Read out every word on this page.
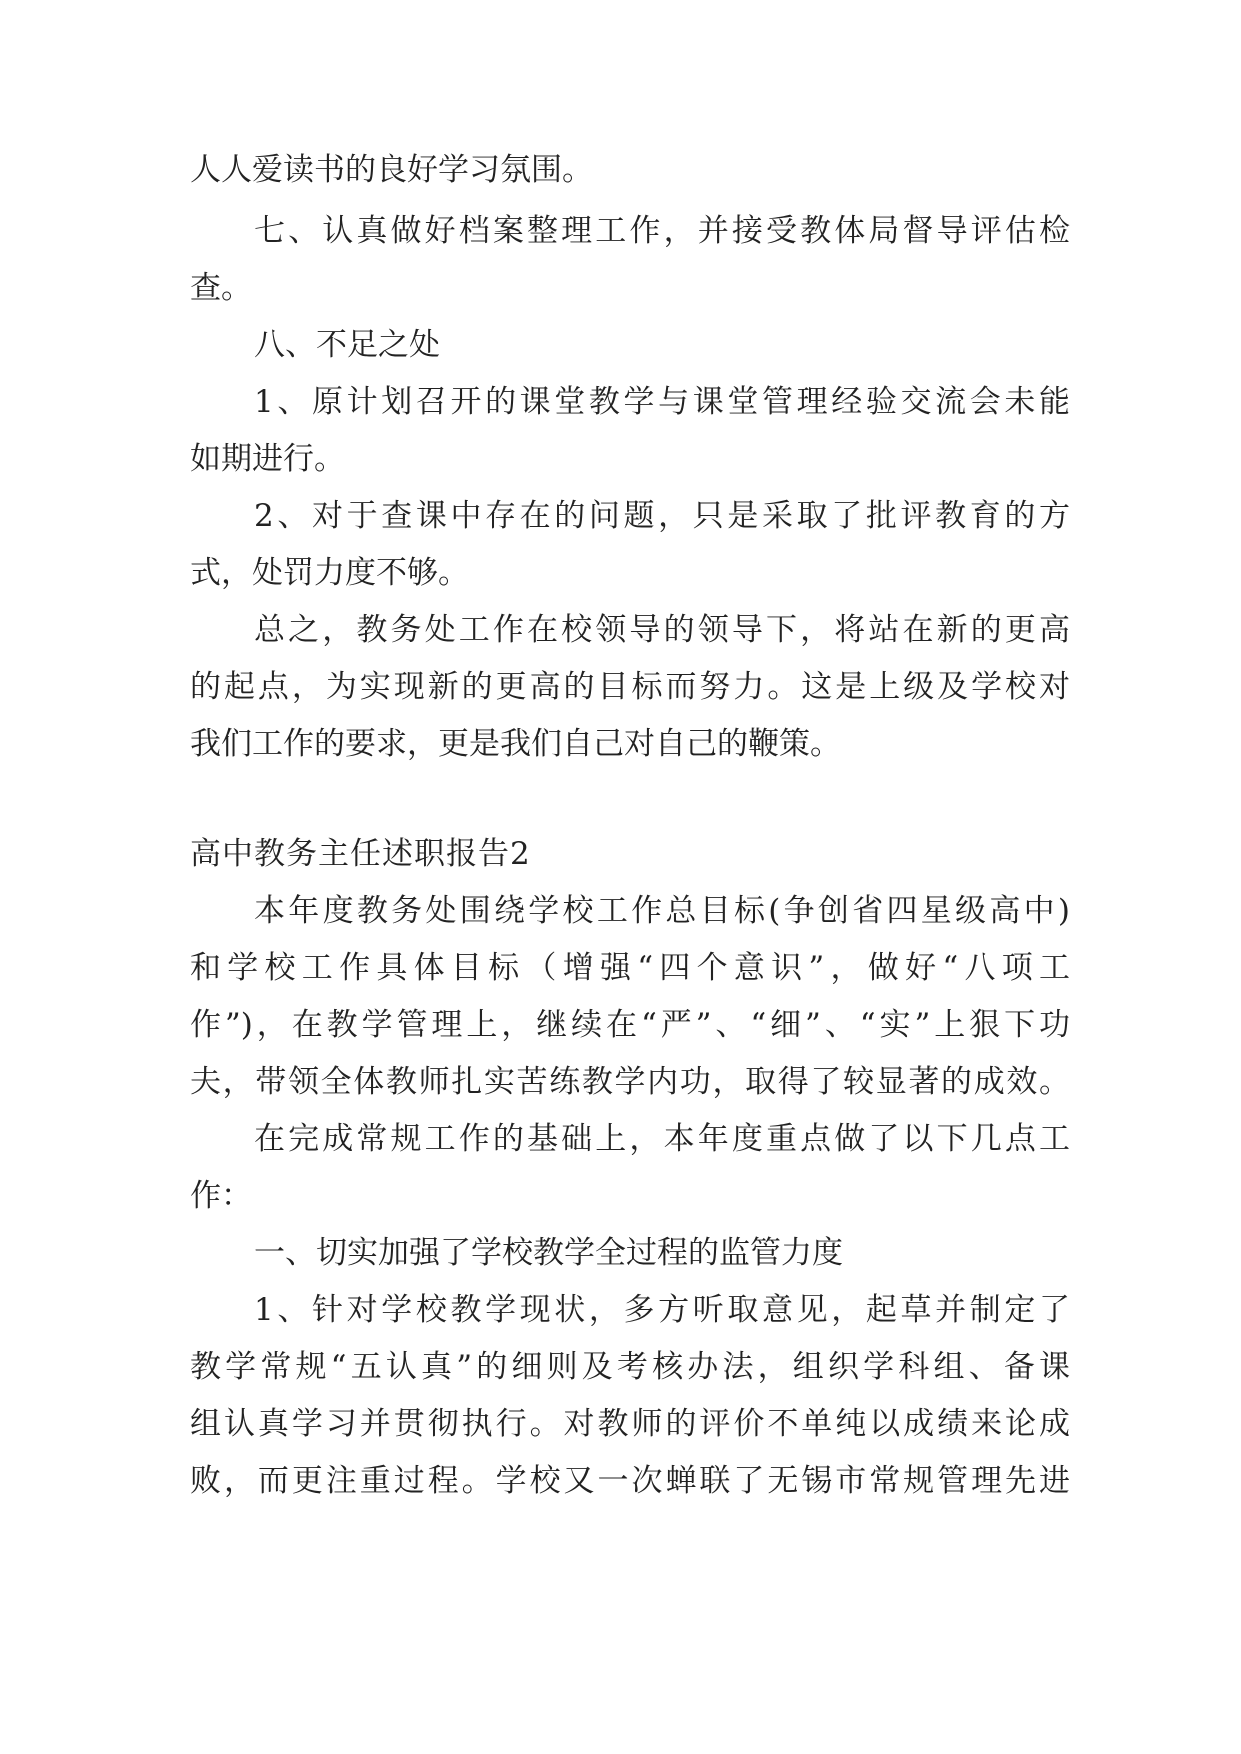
人人爱读书的良好学习氛围。
七、认真做好档案整理工作，并接受教体局督导评估检
查。
八、不足之处
1、原计划召开的课堂教学与课堂管理经验交流会未能
如期进行。
2、对于查课中存在的问题，只是采取了批评教育的方
式，处罚力度不够。
总之，教务处工作在校领导的领导下，将站在新的更高
的起点，为实现新的更高的目标而努力。这是上级及学校对
我们工作的要求，更是我们自己对自己的鞭策。
高中教务主任述职报告2
本年度教务处围绕学校工作总目标(争创省四星级高中)
和学校工作具体目标（增强“四个意识”，做好“八项工
作”)，在教学管理上，继续在“严”、“细”、“实”上狠下功
夫，带领全体教师扎实苦练教学内功，取得了较显著的成效。
在完成常规工作的基础上，本年度重点做了以下几点工
作：
一、切实加强了学校教学全过程的监管力度
1、针对学校教学现状，多方听取意见，起草并制定了
教学常规“五认真”的细则及考核办法，组织学科组、备课
组认真学习并贯彻执行。对教师的评价不单纯以成绩来论成
败，而更注重过程。学校又一次蝉联了无锡市常规管理先进
